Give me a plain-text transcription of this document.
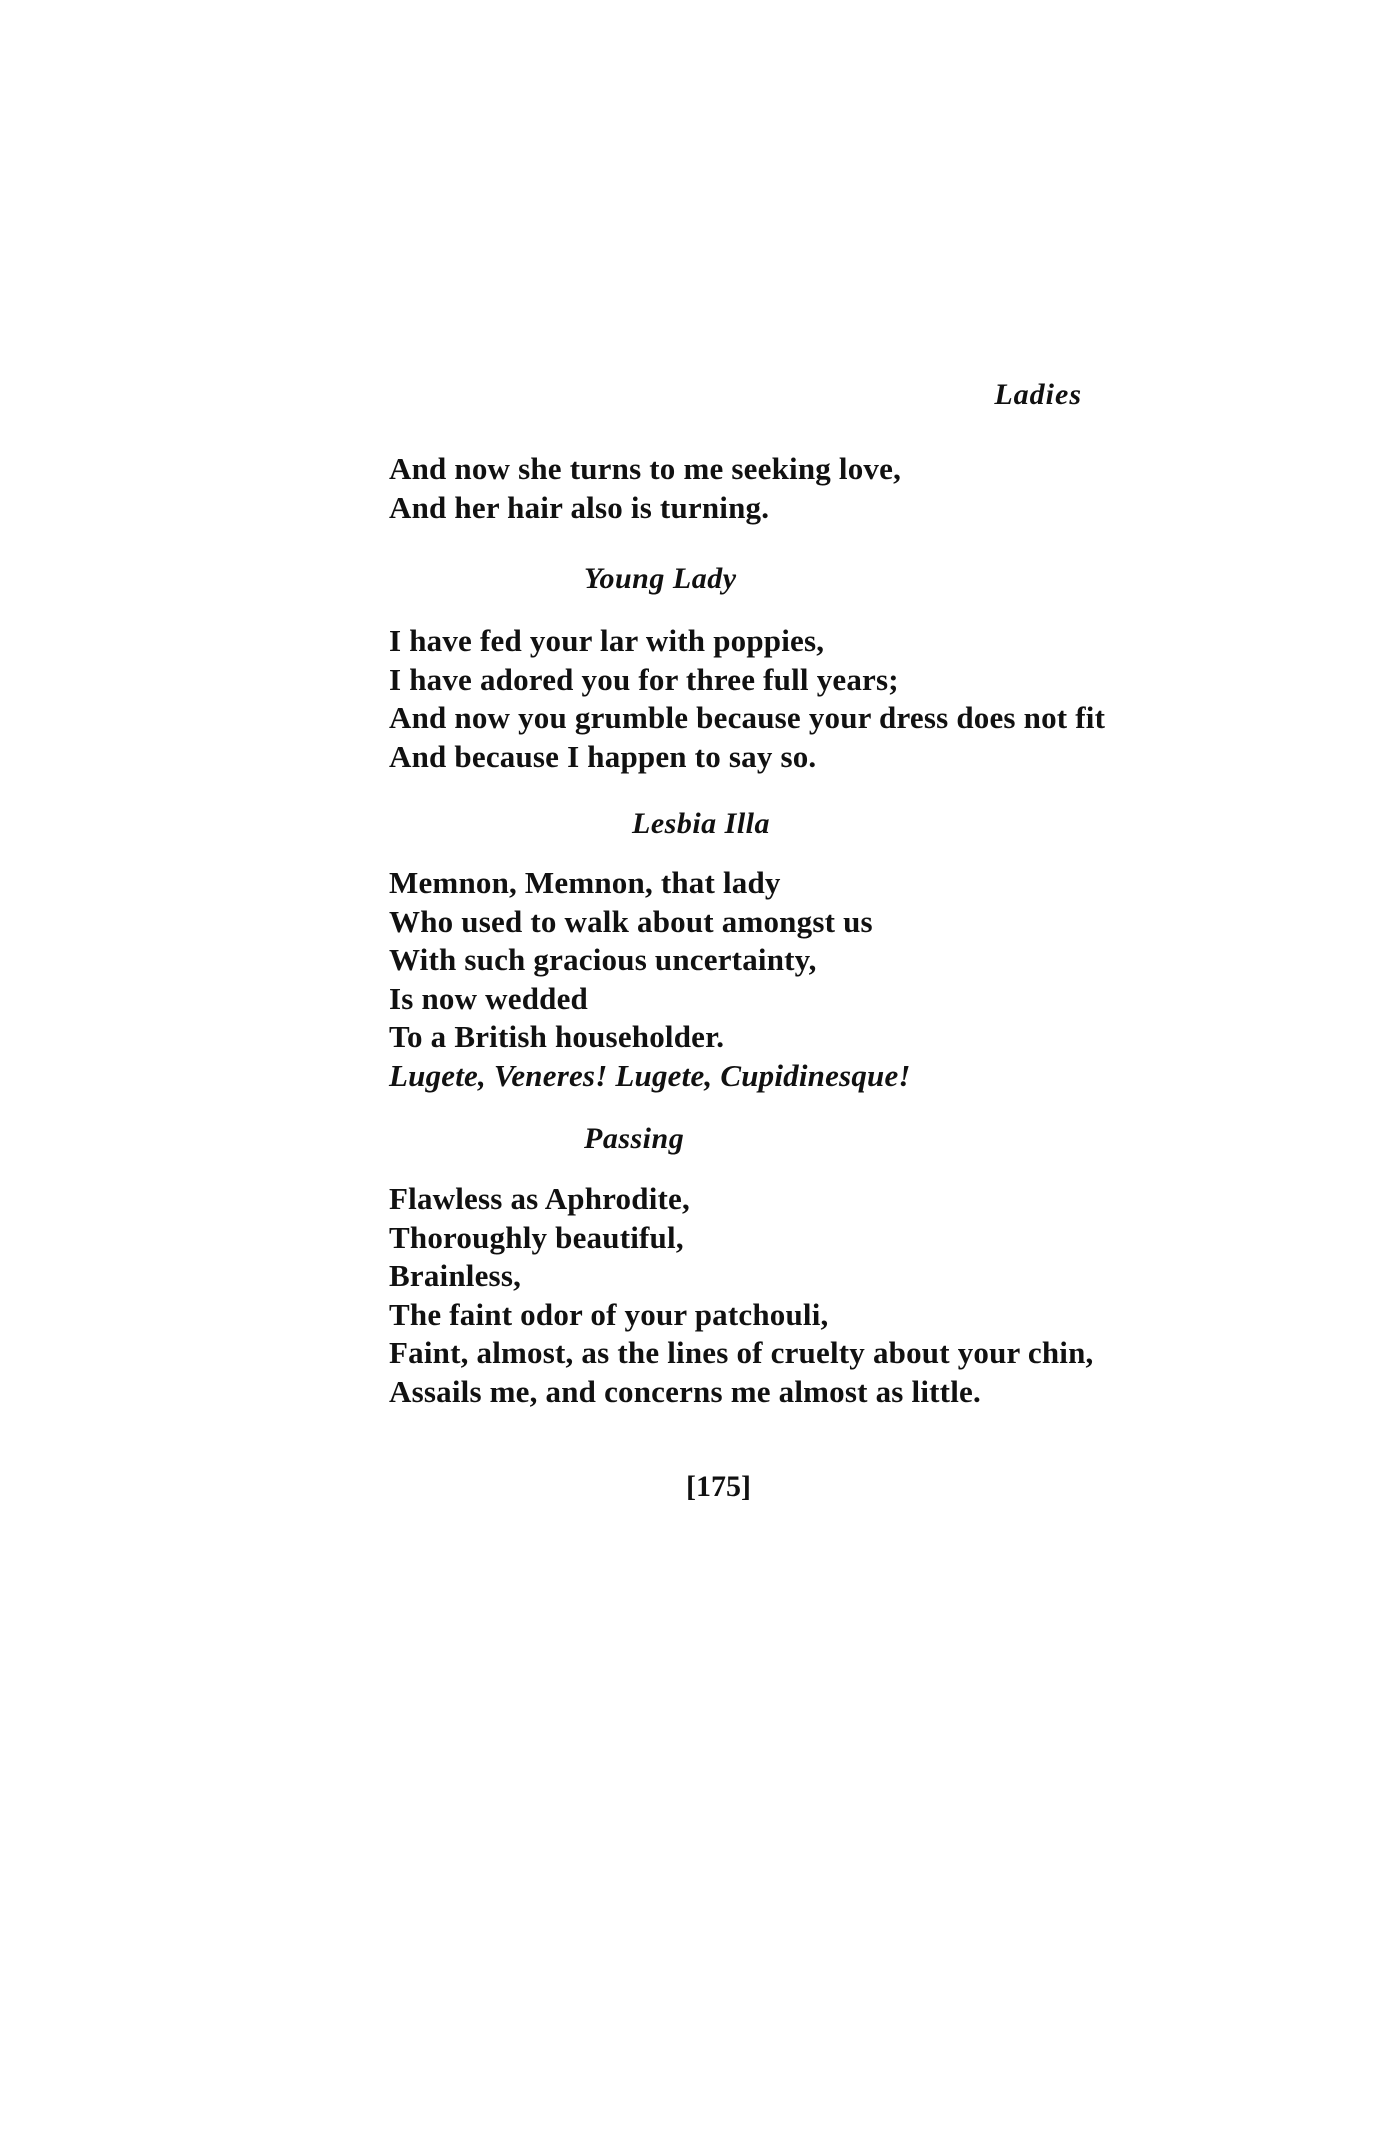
Ladies
And now she turns to me seeking love,
And her hair also is turning.
Young Lady
I have fed your lar with poppies,
I have adored you for three full years;
And now you grumble because your dress does not fit
And because I happen to say so.
Lesbia Illa
Memnon, Memnon, that lady
Who used to walk about amongst us
With such gracious uncertainty,
Is now wedded
To a British householder.
Lugete, Veneres! Lugete, Cupidinesque!
Passing
Flawless as Aphrodite,
Thoroughly beautiful,
Brainless,
The faint odor of your patchouli,
Faint, almost, as the lines of cruelty about your chin,
Assails me, and concerns me almost as little.
[175]
